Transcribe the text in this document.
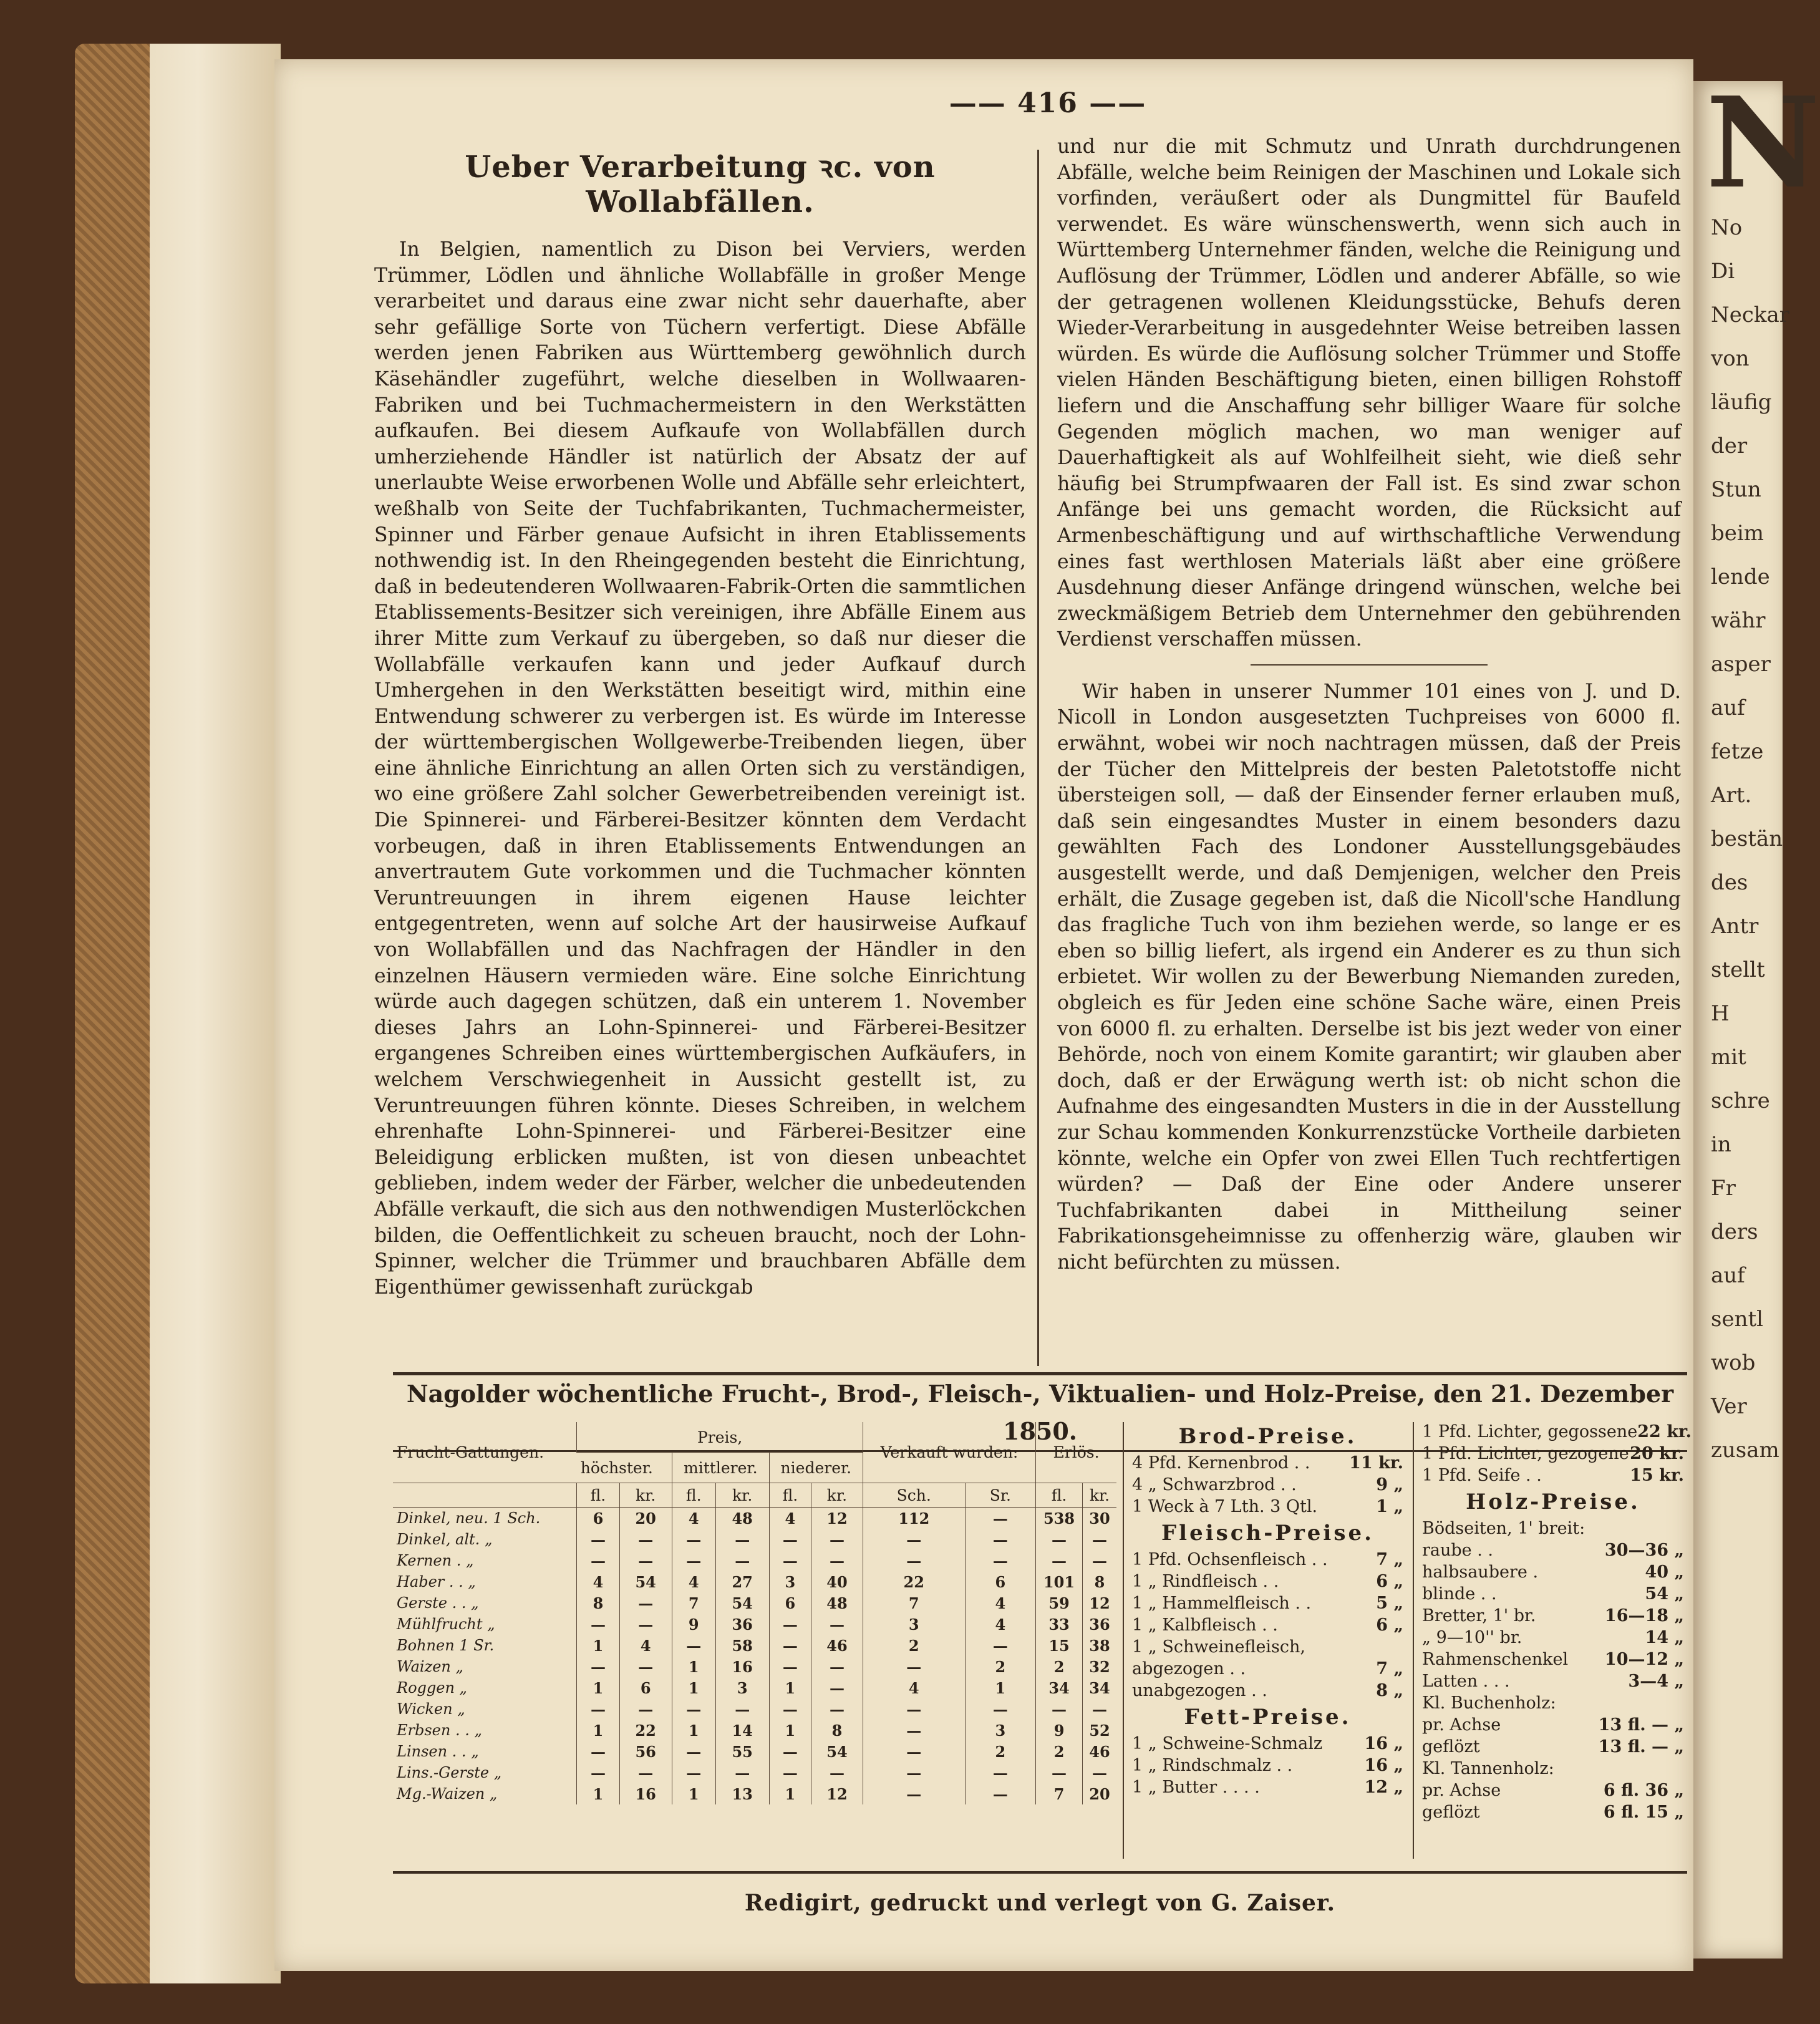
N
No
Di
Neckar
von
läufig
der
Stun
beim
lende
währ
asper
auf
fetze
Art.
bestän
des
Antr
stellt
H
mit
schre
in
Fr
ders
auf
sentl
wob
Ver
zusam
—— 416 ——
Ueber Verarbeitung ꝛc. von Wollabfällen.

In Belgien, namentlich zu Dison bei Verviers, werden Trümmer, Lödlen und ähnliche Wollabfälle in großer Menge verarbeitet und daraus eine zwar nicht sehr dauerhafte, aber sehr gefällige Sorte von Tüchern verfertigt. Diese Abfälle werden jenen Fabriken aus Württemberg gewöhnlich durch Käsehändler zugeführt, welche dieselben in Wollwaaren-Fabriken und bei Tuchmachermeistern in den Werkstätten aufkaufen. Bei diesem Aufkaufe von Wollabfällen durch umherziehende Händler ist natürlich der Absatz der auf unerlaubte Weise erworbenen Wolle und Abfälle sehr erleichtert, weßhalb von Seite der Tuchfabrikanten, Tuchmachermeister, Spinner und Färber genaue Aufsicht in ihren Etablissements nothwendig ist. In den Rheingegenden besteht die Einrichtung, daß in bedeutenderen Wollwaaren-Fabrik-Orten die sammtlichen Etablissements-Besitzer sich vereinigen, ihre Abfälle Einem aus ihrer Mitte zum Verkauf zu übergeben, so daß nur dieser die Wollabfälle verkaufen kann und jeder Aufkauf durch Umhergehen in den Werkstätten beseitigt wird, mithin eine Entwendung schwerer zu verbergen ist. Es würde im Interesse der württembergischen Wollgewerbe-Treibenden liegen, über eine ähnliche Einrichtung an allen Orten sich zu verständigen, wo eine größere Zahl solcher Gewerbetreibenden vereinigt ist. Die Spinnerei- und Färberei-Besitzer könnten dem Verdacht vorbeugen, daß in ihren Etablissements Entwendungen an anvertrautem Gute vorkommen und die Tuchmacher könnten Veruntreuungen in ihrem eigenen Hause leichter entgegentreten, wenn auf solche Art der hausirweise Aufkauf von Wollabfällen und das Nachfragen der Händler in den einzelnen Häusern vermieden wäre. Eine solche Einrichtung würde auch dagegen schützen, daß ein unterem 1. November dieses Jahrs an Lohn-Spinnerei- und Färberei-Besitzer ergangenes Schreiben eines württembergischen Aufkäufers, in welchem Verschwiegenheit in Aussicht gestellt ist, zu Veruntreuungen führen könnte. Dieses Schreiben, in welchem ehrenhafte Lohn-Spinnerei- und Färberei-Besitzer eine Beleidigung erblicken mußten, ist von diesen unbeachtet geblieben, indem weder der Färber, welcher die unbedeutenden Abfälle verkauft, die sich aus den nothwendigen Musterlöckchen bilden, die Oeffentlichkeit zu scheuen braucht, noch der Lohn-Spinner, welcher die Trümmer und brauchbaren Abfälle dem Eigenthümer gewissenhaft zurückgab

und nur die mit Schmutz und Unrath durchdrungenen Abfälle, welche beim Reinigen der Maschinen und Lokale sich vorfinden, veräußert oder als Dungmittel für Baufeld verwendet. Es wäre wünschenswerth, wenn sich auch in Württemberg Unternehmer fänden, welche die Reinigung und Auflösung der Trümmer, Lödlen und anderer Abfälle, so wie der getragenen wollenen Kleidungsstücke, Behufs deren Wieder-Verarbeitung in ausgedehnter Weise betreiben lassen würden. Es würde die Auflösung solcher Trümmer und Stoffe vielen Händen Beschäftigung bieten, einen billigen Rohstoff liefern und die Anschaffung sehr billiger Waare für solche Gegenden möglich machen, wo man weniger auf Dauerhaftigkeit als auf Wohlfeilheit sieht, wie dieß sehr häufig bei Strumpfwaaren der Fall ist. Es sind zwar schon Anfänge bei uns gemacht worden, die Rücksicht auf Armenbeschäftigung und auf wirthschaftliche Verwendung eines fast werthlosen Materials läßt aber eine größere Ausdehnung dieser Anfänge dringend wünschen, welche bei zweckmäßigem Betrieb dem Unternehmer den gebührenden Verdienst verschaffen müssen.

Wir haben in unserer Nummer 101 eines von J. und D. Nicoll in London ausgesetzten Tuchpreises von 6000 fl. erwähnt, wobei wir noch nachtragen müssen, daß der Preis der Tücher den Mittelpreis der besten Paletotstoffe nicht übersteigen soll, — daß der Einsender ferner erlauben muß, daß sein eingesandtes Muster in einem besonders dazu gewählten Fach des Londoner Ausstellungsgebäudes ausgestellt werde, und daß Demjenigen, welcher den Preis erhält, die Zusage gegeben ist, daß die Nicoll'sche Handlung das fragliche Tuch von ihm beziehen werde, so lange er es eben so billig liefert, als irgend ein Anderer es zu thun sich erbietet. Wir wollen zu der Bewerbung Niemanden zureden, obgleich es für Jeden eine schöne Sache wäre, einen Preis von 6000 fl. zu erhalten. Derselbe ist bis jezt weder von einer Behörde, noch von einem Komite garantirt; wir glauben aber doch, daß er der Erwägung werth ist: ob nicht schon die Aufnahme des eingesandten Musters in die in der Ausstellung zur Schau kommenden Konkurrenzstücke Vortheile darbieten könnte, welche ein Opfer von zwei Ellen Tuch rechtfertigen würden? — Daß der Eine oder Andere unserer Tuchfabrikanten dabei in Mittheilung seiner Fabrikationsgeheimnisse zu offenherzig wäre, glauben wir nicht befürchten zu müssen.

Nagolder wöchentliche Frucht-, Brod-, Fleisch-, Viktualien- und Holz-Preise, den 21. Dezember 1850.
Frucht-Gattungen.	Preis,						Verkauft wurden:		Erlös.	
	höchster.		mittlerer.		niederer.					
	fl.	kr.	fl.	kr.	fl.	kr.	Sch.	Sr.	fl.	kr.
Dinkel, neu. 1 Sch.	6	20	4	48	4	12	112	—	538	30
Dinkel, alt. „	—	—	—	—	—	—	—	—	—	—
Kernen . „	—	—	—	—	—	—	—	—	—	—
Haber . . „	4	54	4	27	3	40	22	6	101	8
Gerste . . „	8	—	7	54	6	48	7	4	59	12
Mühlfrucht „	—	—	9	36	—	—	3	4	33	36
Bohnen 1 Sr.	1	4	—	58	—	46	2	—	15	38
Waizen „	—	—	1	16	—	—	—	2	2	32
Roggen „	1	6	1	3	1	—	4	1	34	34
Wicken „	—	—	—	—	—	—	—	—	—	—
Erbsen . . „	1	22	1	14	1	8	—	3	9	52
Linsen . . „	—	56	—	55	—	54	—	2	2	46
Lins.-Gerste „	—	—	—	—	—	—	—	—	—	—
Mg.-Waizen „	1	16	1	13	1	12	—	—	7	20
Brod-Preise.
4 Pfd. Kernenbrod . . 11 kr.
4 „ Schwarzbrod . .	9 „
1 Weck à 7 Lth. 3 Qtl.	1 „
Fleisch-Preise.
1 Pfd. Ochsenfleisch . .	7 „
1 „ Rindfleisch . .	6 „
1 „ Hammelfleisch . .	5 „
1 „ Kalbfleisch . .	6 „
1 „ Schweinefleisch,
abgezogen . .	7 „
unabgezogen . .	8 „
Fett-Preise.
1 „ Schweine-Schmalz 16 „
1 „ Rindschmalz . .	16 „
1 „ Butter . . . .	12 „
1 Pfd. Lichter, gegossene 22 kr.
1 Pfd. Lichter, gezogene 20 kr.
1 Pfd. Seife . .	15 kr.
Holz-Preise.
Bödseiten, 1' breit:
raube . .	30—36 „
halbsaubere .	40 „
blinde . .	54 „
Bretter, 1' br.	16—18 „
„ 9—10'' br.	14 „
Rahmenschenkel 10—12 „
Latten . . .	3—4 „
Kl. Buchenholz:
pr. Achse	13 fl. — „
geflözt	13 fl. — „
Kl. Tannenholz:
pr. Achse	6 fl. 36 „
geflözt	6 fl. 15 „
Redigirt, gedruckt und verlegt von G. Zaiser.
